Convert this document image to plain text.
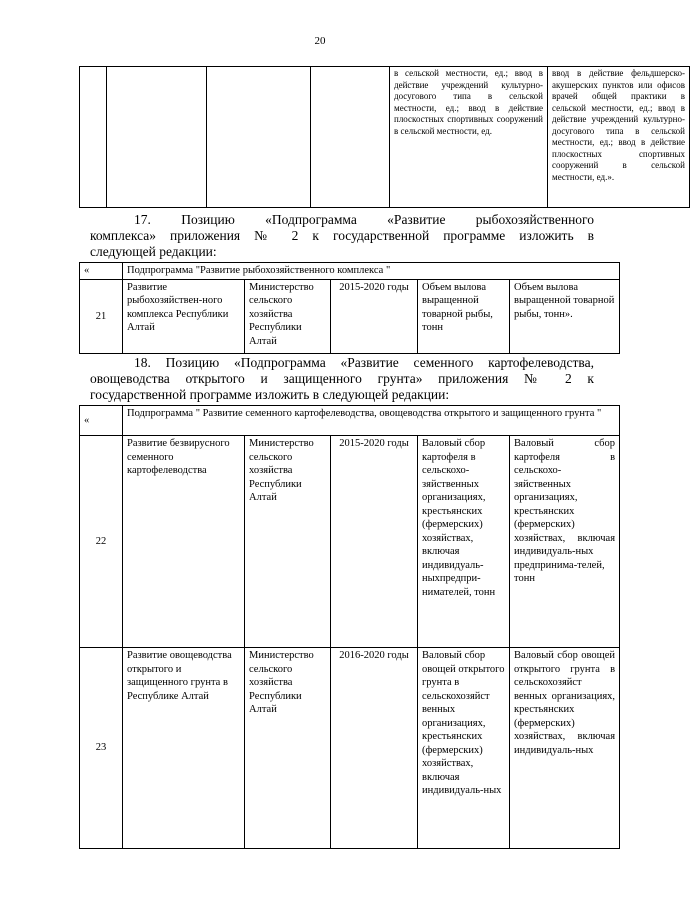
20
				в сельской местности, ед.; ввод в действие учреждений культурно-досугового типа в сельской местности, ед.; ввод в действие плоскостных спортивных сооружений в сельской местности, ед.	ввод в действие фельдшерско-акушерских пунктов или офисов врачей общей практики в сельской местности, ед.; ввод в действие учреждений культурно-досугового типа в сельской местности, ед.; ввод в действие плоскостных спортивных сооружений в сельской местности, ед.».
17. Позицию «Подпрограмма «Развитие рыбохозяйственного
комплекса» приложения № 2 к государственной программе изложить в
следующей редакции:
«	Подпрограмма "Развитие рыбохозяйственного комплекса "				
21	Развитие рыбохозяйствен-ного комплекса Республики Алтай	Министерство сельского хозяйства Республики Алтай	2015-2020 годы	Объем вылова выращенной товарной рыбы, тонн	Объем вылова выращенной товарной рыбы, тонн».
18. Позицию «Подпрограмма «Развитие семенного картофелеводства,
овощеводства открытого и защищенного грунта» приложения № 2 к
государственной программе изложить в следующей редакции:
«	Подпрограмма " Развитие семенного картофелеводства, овощеводства открытого и защищенного грунта "				
22	Развитие безвирусного семенного картофелеводства	Министерство сельского хозяйства Республики Алтай	2015-2020 годы	Валовый сбор картофеля в сельскохо-зяйственных организациях, крестьянских (фермерских) хозяйствах, включая индивидуаль-ныхпредпри-нимателей, тонн	Валовый сбор картофеля в сельскохо-зяйственных организациях, крестьянских (фермерских) хозяйствах, включая индивидуаль-ных предпринима-телей, тонн
23	Развитие овощеводства открытого и защищенного грунта в Республике Алтай	Министерство сельского хозяйства Республики Алтай	2016-2020 годы	Валовый сбор овощей открытого грунта в сельскохозяйст венных организациях, крестьянских (фермерских) хозяйствах, включая индивидуаль-ных	Валовый сбор овощей открытого грунта в сельскохозяйст венных организациях, крестьянских (фермерских) хозяйствах, включая индивидуаль-ных
